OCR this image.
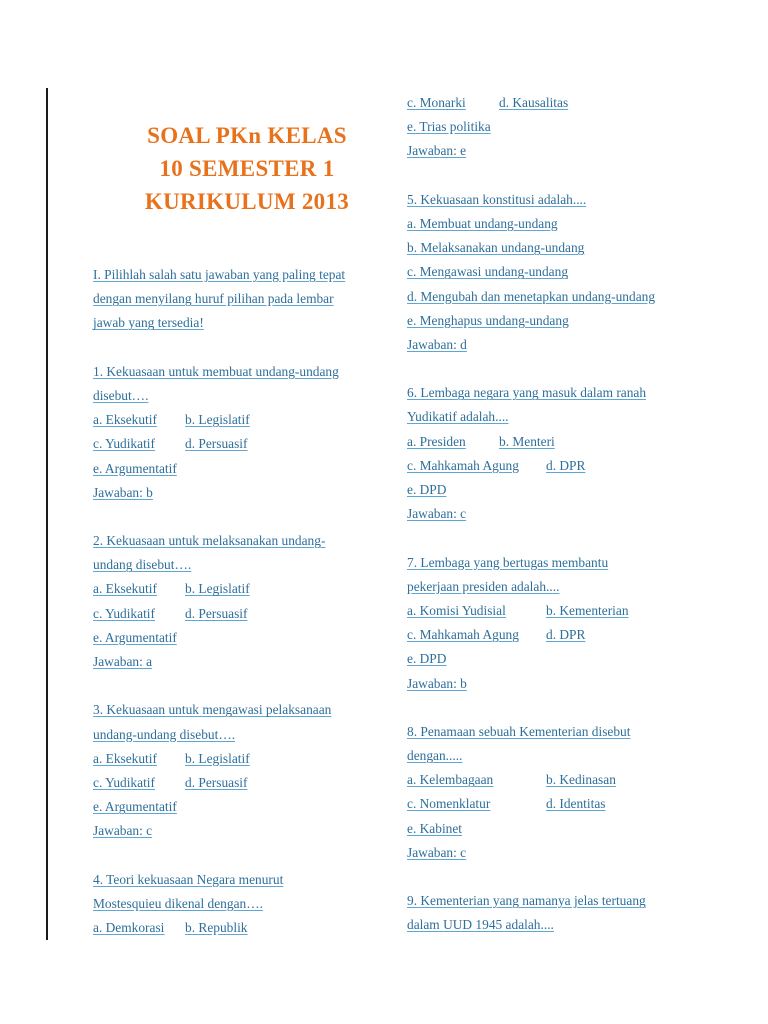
SOAL PKn KELAS
10 SEMESTER 1
KURIKULUM 2013
I. Pilihlah salah satu jawaban yang paling tepat
dengan menyilang huruf pilihan pada lembar
jawab yang tersedia!
1. Kekuasaan untuk membuat undang-undang
disebut….
a. Eksekutif b. Legislatif
c. Yudikatif d. Persuasif
e. Argumentatif
Jawaban: b
2. Kekuasaan untuk melaksanakan undang-
undang disebut….
a. Eksekutif b. Legislatif
c. Yudikatif d. Persuasif
e. Argumentatif
Jawaban: a
3. Kekuasaan untuk mengawasi pelaksanaan
undang-undang disebut….
a. Eksekutif b. Legislatif
c. Yudikatif d. Persuasif
e. Argumentatif
Jawaban: c
4. Teori kekuasaan Negara menurut
Mostesquieu dikenal dengan….
a. Demkorasi b. Republik
c. Monarki d. Kausalitas
e. Trias politika
Jawaban: e
5. Kekuasaan konstitusi adalah....
a. Membuat undang-undang
b. Melaksanakan undang-undang
c. Mengawasi undang-undang
d. Mengubah dan menetapkan undang-undang
e. Menghapus undang-undang
Jawaban: d
6. Lembaga negara yang masuk dalam ranah
Yudikatif adalah....
a. Presiden b. Menteri
c. Mahkamah Agung d. DPR
e. DPD
Jawaban: c
7. Lembaga yang bertugas membantu
pekerjaan presiden adalah....
a. Komisi Yudisial	b. Kementerian
c. Mahkamah Agung d. DPR
e. DPD
Jawaban: b
8. Penamaan sebuah Kementerian disebut
dengan.....
a. Kelembagaan	b. Kedinasan
c. Nomenklatur	d. Identitas
e. Kabinet
Jawaban: c
9. Kementerian yang namanya jelas tertuang
dalam UUD 1945 adalah....
